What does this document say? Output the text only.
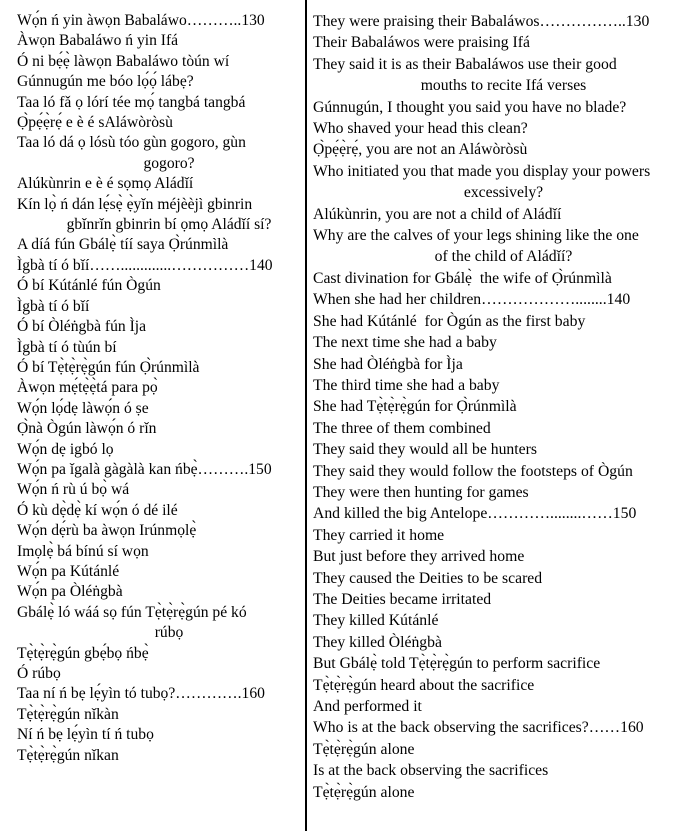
Wọ́n ń yin àwọn Babaláwo………..130
Àwọn Babaláwo ń yin Ifá
Ó ni bẹ́ẹ̀ làwọn Babaláwo tòún wí
Gúnnugún me bóo lọ́ọ́ lábẹ?
Taa ló fǎ ọ lórí tée mọ́ tangbá tangbá
Ọ̀pẹ́ẹ̀rẹ́ e è é sAláwòròsù
Taa ló dá ọ lósù tóo gùn gogoro, gùn
gogoro?
Alúkùnrin e è é sọmọ Aládǐí
Kín lọ̀ ń dán lẹ́sẹ̀ ẹ̀yǐn méjèèjì gbinrin
gbǐnrǐn gbinrin bí ọmọ Aládǐí sí?
A díá fún Gbálẹ̀ tíí saya Ọ̀rúnmìlà
Ìgbà tí ó bǐí…….............……………140
Ó bí Kútánlé fún Ògún
Ìgbà tí ó bǐí
Ó bí Òléṅgbà fún Ìja
Ìgbà tí ó tùún bí
Ó bí Tẹ̀tẹ̀rẹ̀gún fún Ọ̀rúnmìlà
Àwọn mẹ́tẹ̀ẹ̀tá para pọ̀
Wọ́n lọ́dẹ làwọ́n ó ṣe
Ọ̀nà Ògún làwọ́n ó rǐn
Wọ́n dẹ igbó lọ
Wọ́n pa ǐgalà gàgàlà kan ńbẹ̀……….150
Wọ́n ń rù ú bọ̀ wá
Ó kù dẹ̀dẹ̀ kí wọ́n ó dé ilé
Wọ́n dẹ́rù ba àwọn Irúnmọlẹ̀
Imọlẹ̀ bá bínú sí wọn
Wọ́n pa Kútánlé
Wọ́n pa Òléṅgbà
Gbálẹ̀ ló wáá sọ fún Tẹ̀tẹ̀rẹ̀gún pé kó
rúbọ
Tẹ̀tẹ̀rẹ̀gún gbẹ́bọ ńbẹ̀
Ó rúbọ
Taa ní ń bẹ lẹ́yìn tó tubọ?………….160
Tẹ̀tẹ̀rẹ̀gún nǐkàn
Ní ń bẹ lẹ́yìn tí ń tubọ
Tẹ̀tẹ̀rẹ̀gún nǐkan
They were praising their Babaláwos……………..130
Their Babaláwos were praising Ifá
They said it is as their Babaláwos use their good
mouths to recite Ifá verses
Gúnnugún, I thought you said you have no blade?
Who shaved your head this clean?
Ọ̀pẹ́ẹ̀rẹ́, you are not an Aláwòròsù
Who initiated you that made you display your powers
excessively?
Alúkùnrin, you are not a child of Aládǐí
Why are the calves of your legs shining like the one
of the child of Aládǐí?
Cast divination for Gbálẹ̀  the wife of Ọ̀rúnmìlà
When she had her children………………........140
She had Kútánlé  for Ògún as the first baby
The next time she had a baby
She had Òléṅgbà for Ìja
The third time she had a baby
She had Tẹ̀tẹ̀rẹ̀gún for Ọ̀rúnmìlà
The three of them combined
They said they would all be hunters
They said they would follow the footsteps of Ògún
They were then hunting for games
And killed the big Antelope…………........……150
They carried it home
But just before they arrived home
They caused the Deities to be scared
The Deities became irritated
They killed Kútánlé
They killed Òléṅgbà
But Gbálẹ̀ told Tẹ̀tẹ̀rẹ̀gún to perform sacrifice
Tẹ̀tẹ̀rẹ̀gún heard about the sacrifice
And performed it
Who is at the back observing the sacrifices?……160
Tẹ̀tẹ̀rẹ̀gún alone
Is at the back observing the sacrifices
Tẹ̀tẹ̀rẹ̀gún alone
